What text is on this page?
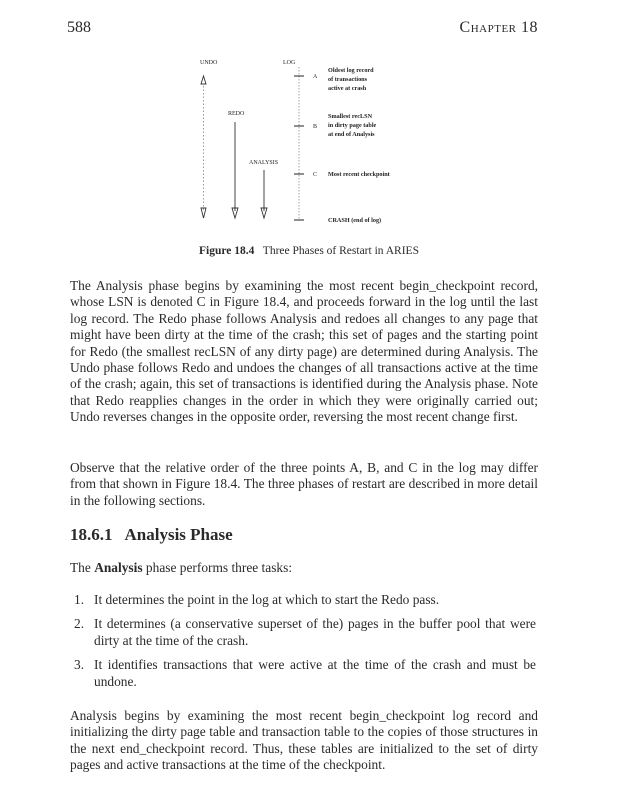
588	Chapter 18
UNDO	LOG
REDO
ANALYSIS
A
B
C
Oldest log record
of transactions
active at crash
Smallest recLSN
in dirty page table
at end of Analysis
Most recent checkpoint
CRASH (end of log)
Figure 18.4 Three Phases of Restart in ARIES

The Analysis phase begins by examining the most recent begin_checkpoint record, whose LSN is denoted C in Figure 18.4, and proceeds forward in the log until the last log record. The Redo phase follows Analysis and redoes all changes to any page that might have been dirty at the time of the crash; this set of pages and the starting point for Redo (the smallest recLSN of any dirty page) are determined during Analysis. The Undo phase follows Redo and undoes the changes of all transactions active at the time of the crash; again, this set of transactions is identified during the Analysis phase. Note that Redo reapplies changes in the order in which they were originally carried out; Undo reverses changes in the opposite order, reversing the most recent change first.

Observe that the relative order of the three points A, B, and C in the log may differ from that shown in Figure 18.4. The three phases of restart are described in more detail in the following sections.

18.6.1 Analysis Phase

The Analysis phase performs three tasks:

1. It determines the point in the log at which to start the Redo pass.
2. It determines (a conservative superset of the) pages in the buffer pool that were dirty at the time of the crash.
3. It identifies transactions that were active at the time of the crash and must be undone.

Analysis begins by examining the most recent begin_checkpoint log record and initializing the dirty page table and transaction table to the copies of those structures in the next end_checkpoint record. Thus, these tables are initialized to the set of dirty pages and active transactions at the time of the checkpoint.
